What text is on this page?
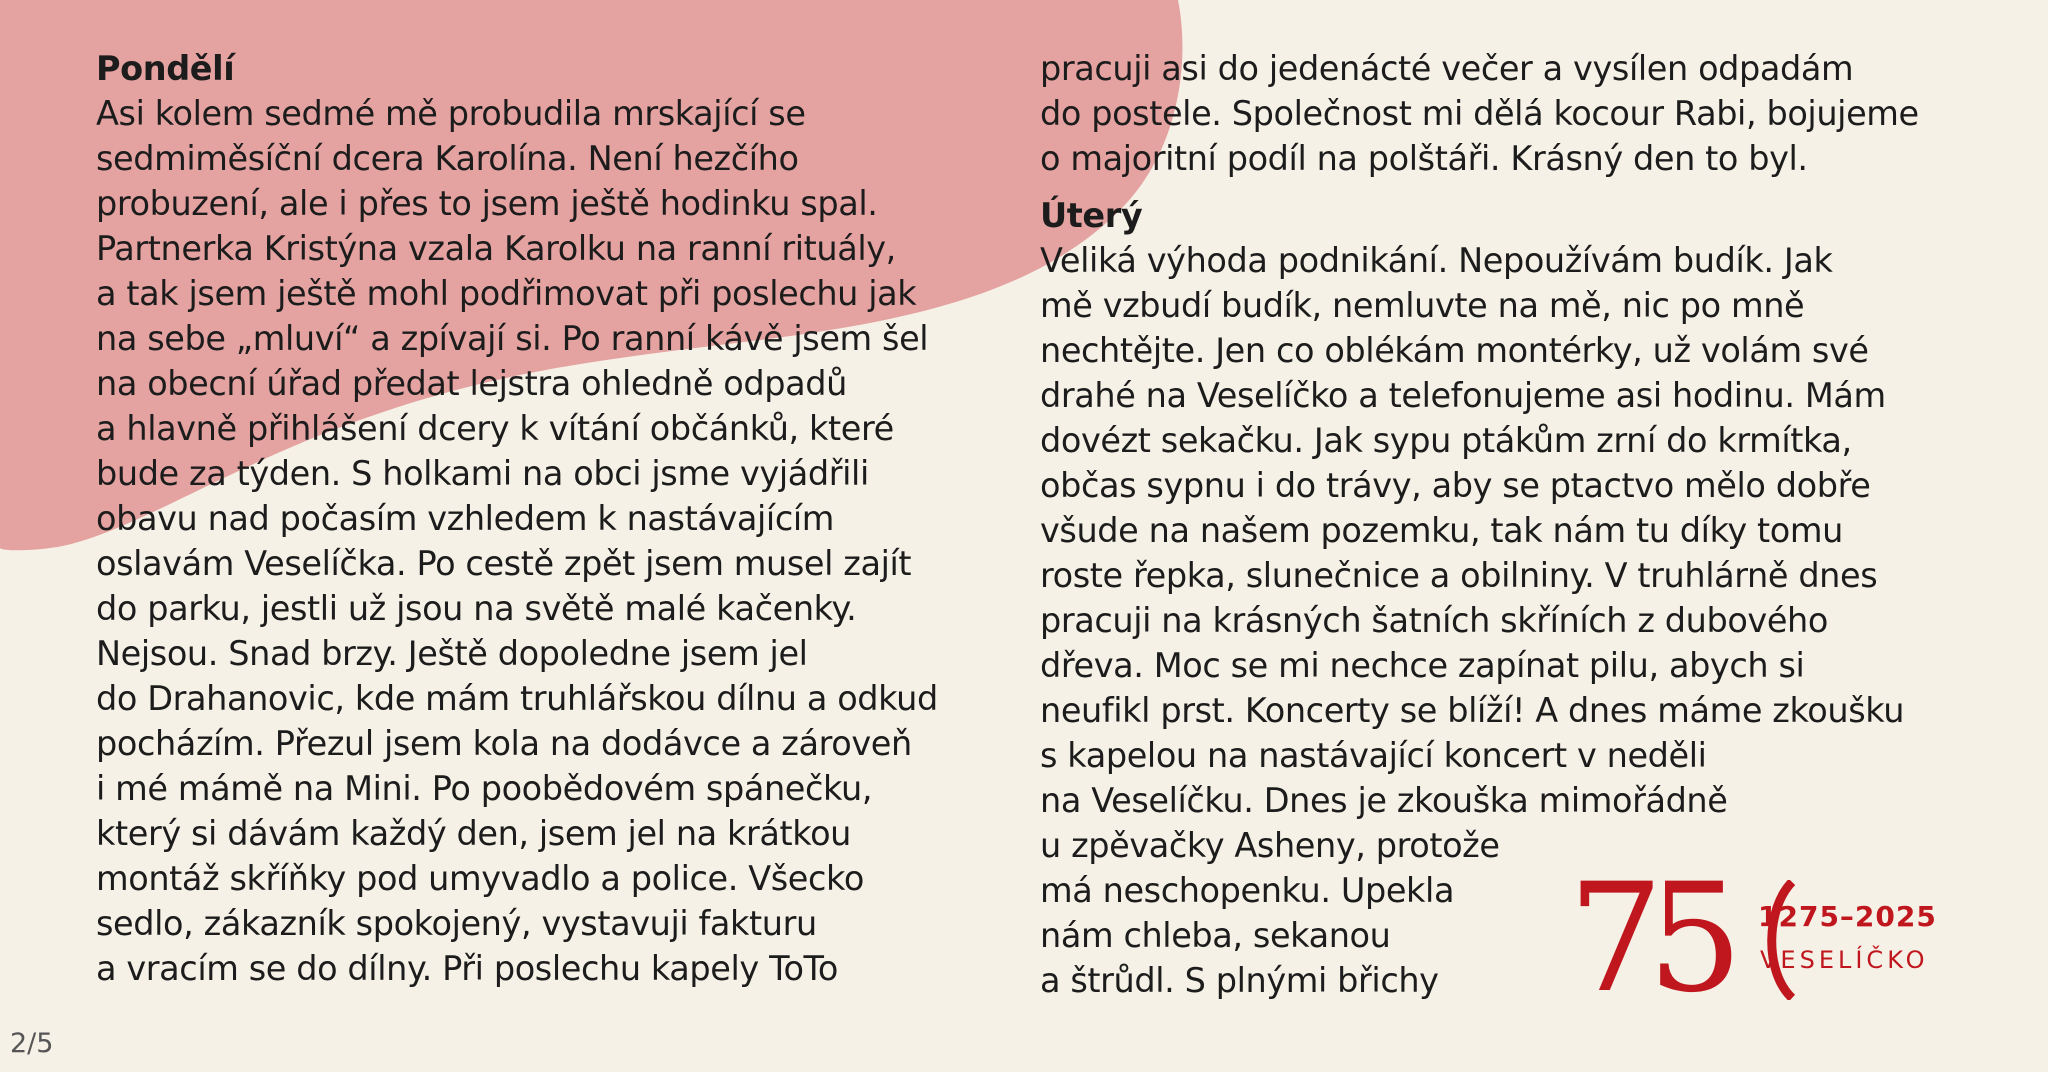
Pondělí
Asi kolem sedmé mě probudila mrskající se
sedmiměsíční dcera Karolína. Není hezčího
probuzení, ale i přes to jsem ještě hodinku spal.
Partnerka Kristýna vzala Karolku na ranní rituály,
a tak jsem ještě mohl podřimovat při poslechu jak
na sebe „mluví“ a zpívají si. Po ranní kávě jsem šel
na obecní úřad předat lejstra ohledně odpadů
a hlavně přihlášení dcery k vítání občánků, které
bude za týden. S holkami na obci jsme vyjádřili
obavu nad počasím vzhledem k nastávajícím
oslavám Veselíčka. Po cestě zpět jsem musel zajít
do parku, jestli už jsou na světě malé kačenky.
Nejsou. Snad brzy. Ještě dopoledne jsem jel
do Drahanovic, kde mám truhlářskou dílnu a odkud
pocházím. Přezul jsem kola na dodávce a zároveň
i mé mámě na Mini. Po poobědovém spánečku,
který si dávám každý den, jsem jel na krátkou
montáž skříňky pod umyvadlo a police. Všecko
sedlo, zákazník spokojený, vystavuji fakturu
a vracím se do dílny. Při poslechu kapely ToTo
pracuji asi do jedenácté večer a vysílen odpadám
do postele. Společnost mi dělá kocour Rabi, bojujeme
o majoritní podíl na polštáři. Krásný den to byl.
Úterý
Veliká výhoda podnikání. Nepoužívám budík. Jak
mě vzbudí budík, nemluvte na mě, nic po mně
nechtějte. Jen co oblékám montérky, už volám své
drahé na Veselíčko a telefonujeme asi hodinu. Mám
dovézt sekačku. Jak sypu ptákům zrní do krmítka,
občas sypnu i do trávy, aby se ptactvo mělo dobře
všude na našem pozemku, tak nám tu díky tomu
roste řepka, slunečnice a obilniny. V truhlárně dnes
pracuji na krásných šatních skříních z dubového
dřeva. Moc se mi nechce zapínat pilu, abych si
neufikl prst. Koncerty se blíží! A dnes máme zkoušku
s kapelou na nastávající koncert v neděli
na Veselíčku. Dnes je zkouška mimořádně
u zpěvačky Asheny, protože
má neschopenku. Upekla
nám chleba, sekanou
a štrůdl. S plnými břichy 75 1275–2025
VESELÍČKO
2/5
